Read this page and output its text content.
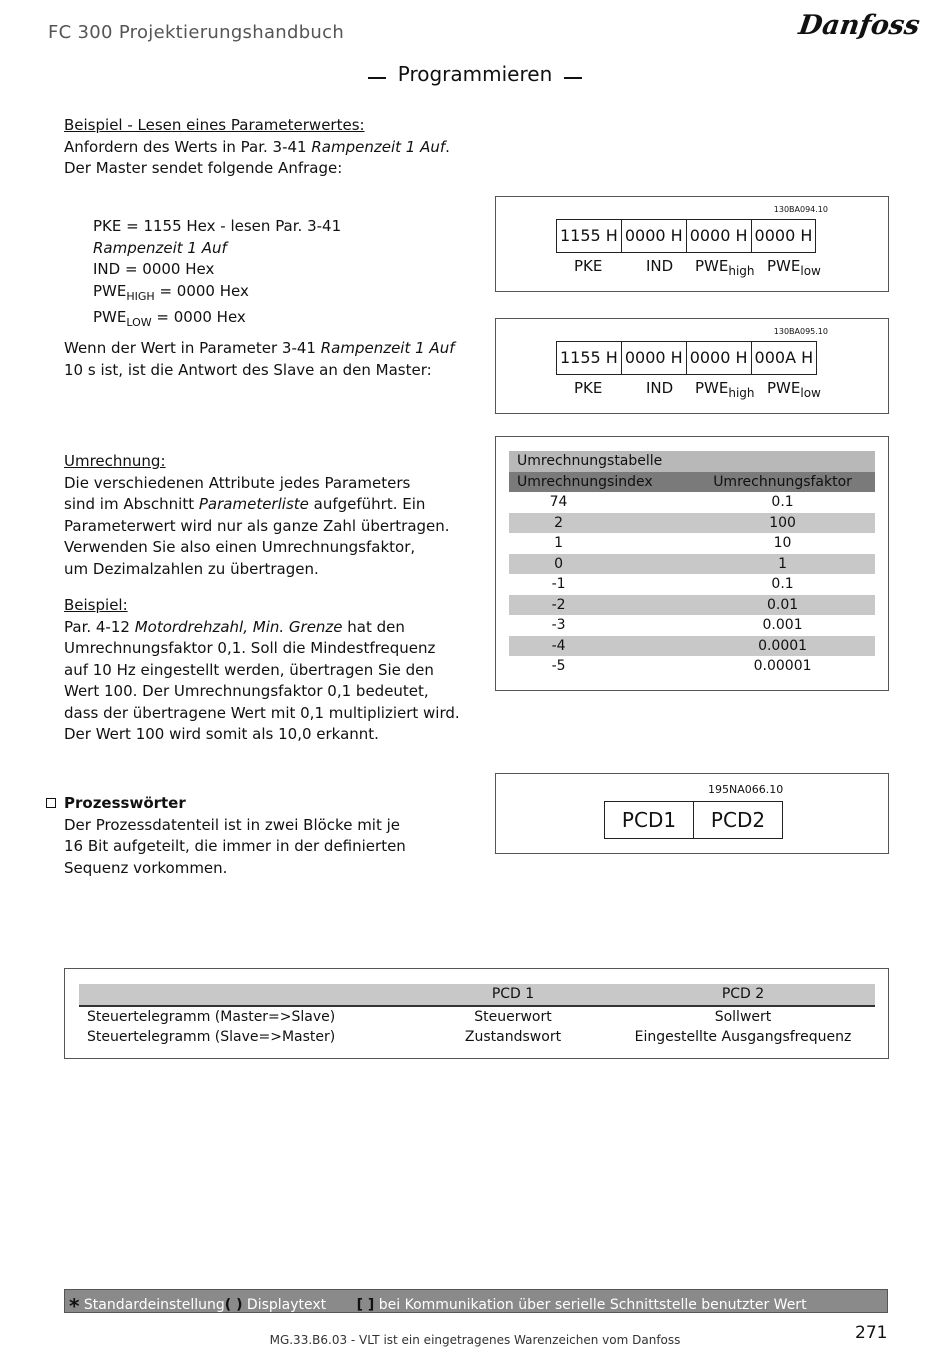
FC 300 Projektierungshandbuch	Danfoss
Programmieren
Beispiel - Lesen eines Parameterwertes:
Anfordern des Werts in Par. 3-41 Rampenzeit 1 Auf.
Der Master sendet folgende Anfrage:
PKE = 1155 Hex - lesen Par. 3-41
Rampenzeit 1 Auf
IND = 0000 Hex
$PWE_{HIGH} = 0000$ Hex
$PWE_{LOW} = 0000$ Hex
Wenn der Wert in Parameter 3-41 Rampenzeit 1 Auf
10 s ist, ist die Antwort des Slave an den Master:
130BA094.10
1155 H 0000 H 0000 H 0000 H
PKE	IND $PWE_{high}$ $PWE_{low}$
130BA095.10
1155 H 0000 H 0000 H 000A H
PKE	IND $PWE_{high}$ $PWE_{low}$
Umrechnung:
Die verschiedenen Attribute jedes Parameters
sind im Abschnitt Parameterliste aufgeführt. Ein
Parameterwert wird nur als ganze Zahl übertragen.
Verwenden Sie also einen Umrechnungsfaktor,
um Dezimalzahlen zu übertragen.
Beispiel:
Par. 4-12 Motordrehzahl, Min. Grenze hat den
Umrechnungsfaktor 0,1. Soll die Mindestfrequenz
auf 10 Hz eingestellt werden, übertragen Sie den
Wert 100. Der Umrechnungsfaktor 0,1 bedeutet,
dass der übertragene Wert mit 0,1 multipliziert wird.
Der Wert 100 wird somit als 10,0 erkannt.
Umrechnungstabelle	
Umrechnungsindex	Umrechnungsfaktor
74	0.1
2	100
1	10
0	1
-1	0.1
-2	0.01
-3	0.001
-4	0.0001
-5	0.00001
Prozesswörter
Der Prozessdatenteil ist in zwei Blöcke mit je
16 Bit aufgeteilt, die immer in der definierten
Sequenz vorkommen.
195NA066.10
PCD1	PCD2
	PCD 1	PCD 2
Steuertelegramm (Master=>Slave)	Steuerwort	Sollwert
Steuertelegramm (Slave=>Master)	Zustandswort	Eingestellte Ausgangsfrequenz
* Standardeinstellung( ) Displaytext [ ] bei Kommunikation über serielle Schnittstelle benutzter Wert
MG.33.B6.03 - VLT ist ein eingetragenes Warenzeichen vom Danfoss	271
